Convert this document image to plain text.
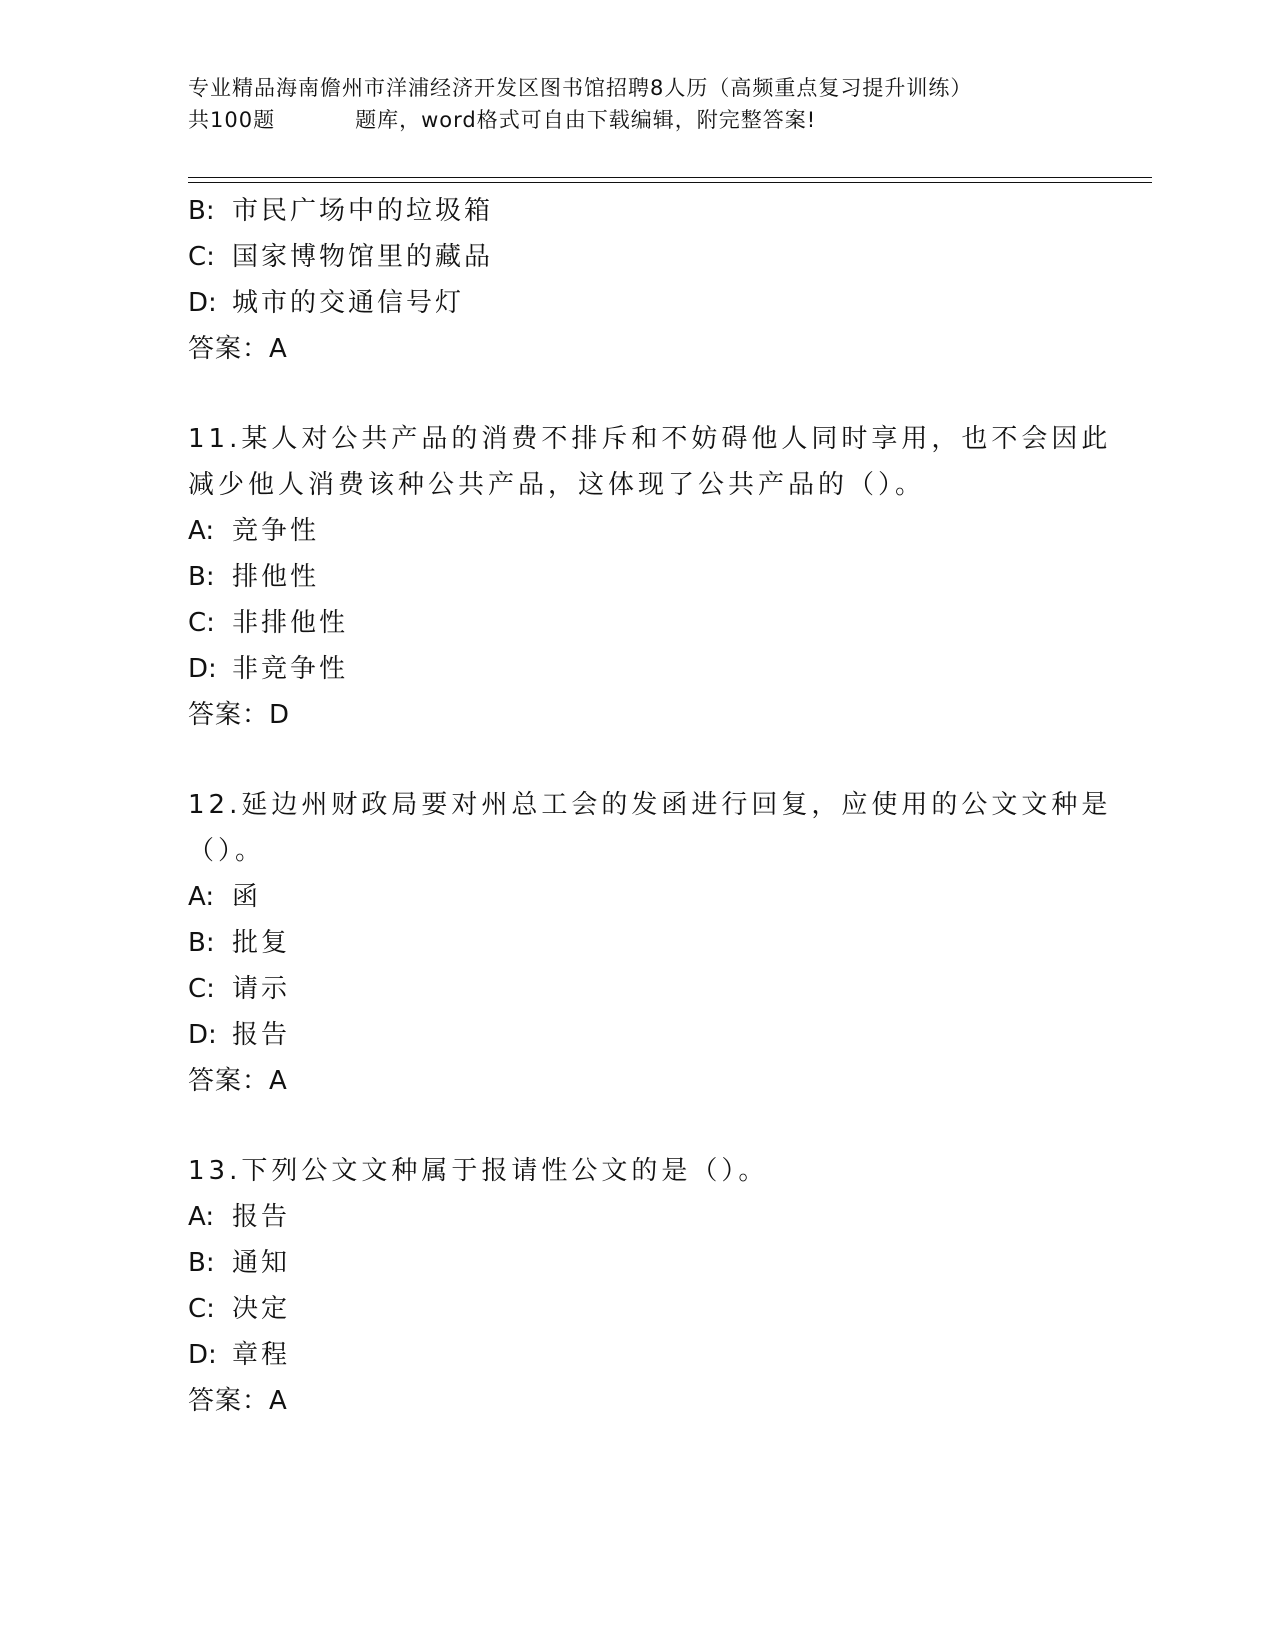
专业精品海南儋州市洋浦经济开发区图书馆招聘8人历（高频重点复习提升训练）
共100题	题库，word格式可自由下载编辑，附完整答案!
B: 市民广场中的垃圾箱
C: 国家博物馆里的藏品
D: 城市的交通信号灯
答案：A
11.某人对公共产品的消费不排斥和不妨碍他人同时享用，也不会因此
减少他人消费该种公共产品，这体现了公共产品的（）。
A: 竞争性
B: 排他性
C: 非排他性
D: 非竞争性
答案：D
12.延边州财政局要对州总工会的发函进行回复，应使用的公文文种是
（）。
A: 函
B: 批复
C: 请示
D: 报告
答案：A
13.下列公文文种属于报请性公文的是（）。
A: 报告
B: 通知
C: 决定
D: 章程
答案：A
